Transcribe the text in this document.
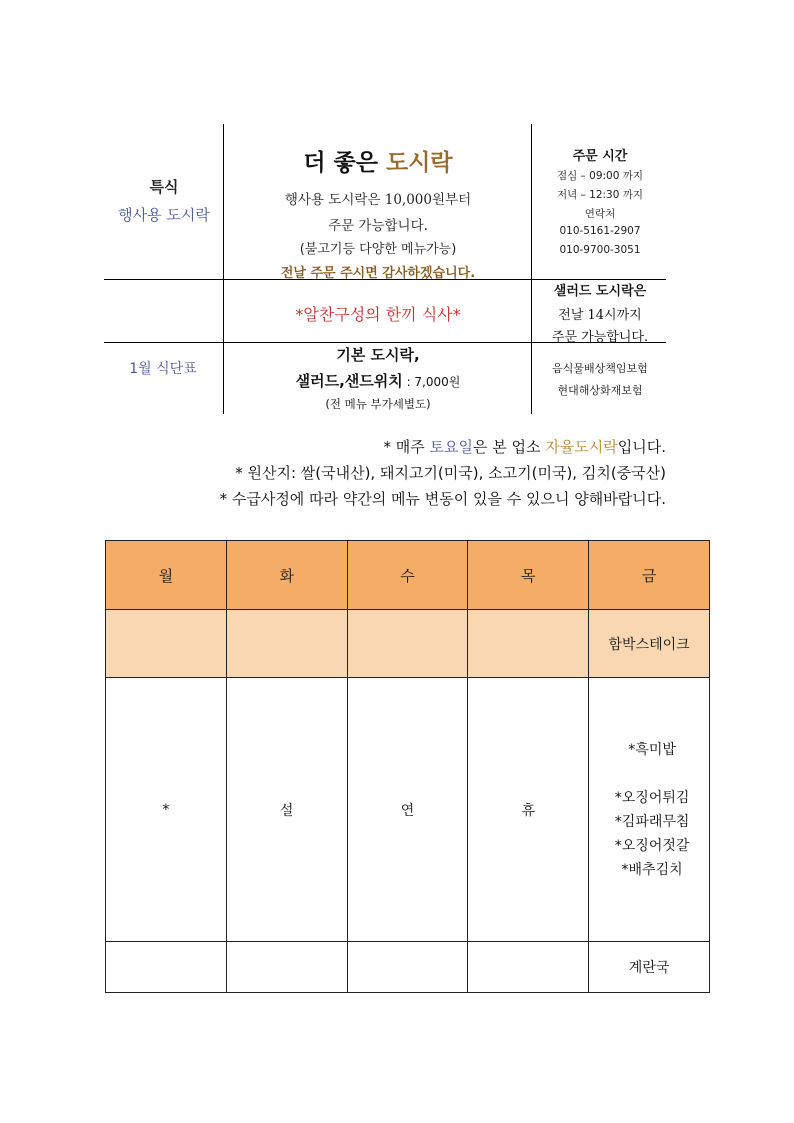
특식
행사용 도시락
더 좋은 도시락
행사용 도시락은 10,000원부터
주문 가능합니다.
(불고기등 다양한 메뉴가능)
전날 주문 주시면 감사하겠습니다.
주문 시간
점심 – 09:00 까지
저녁 – 12:30 까지
연락처
010-5161-2907
010-9700-3051
*알찬구성의 한끼 식사*
샐러드 도시락은
전날 14시까지
주문 가능합니다.
1월 식단표
기본 도시락,
샐러드,샌드위치 : 7,000원
(전 메뉴 부가세별도)
음식물배상책임보험
현대해상화재보험
* 매주 토요일은 본 업소 자율도시락입니다.
* 원산지: 쌀(국내산), 돼지고기(미국), 소고기(미국), 김치(중국산)
* 수급사정에 따라 약간의 메뉴 변동이 있을 수 있으니 양해바랍니다.
월	화	수	목	금
				함박스테이크
*	설	연	휴	*흑미밥
*오징어튀김
*김파래무침
*오징어젓갈
*배추김치

				계란국
